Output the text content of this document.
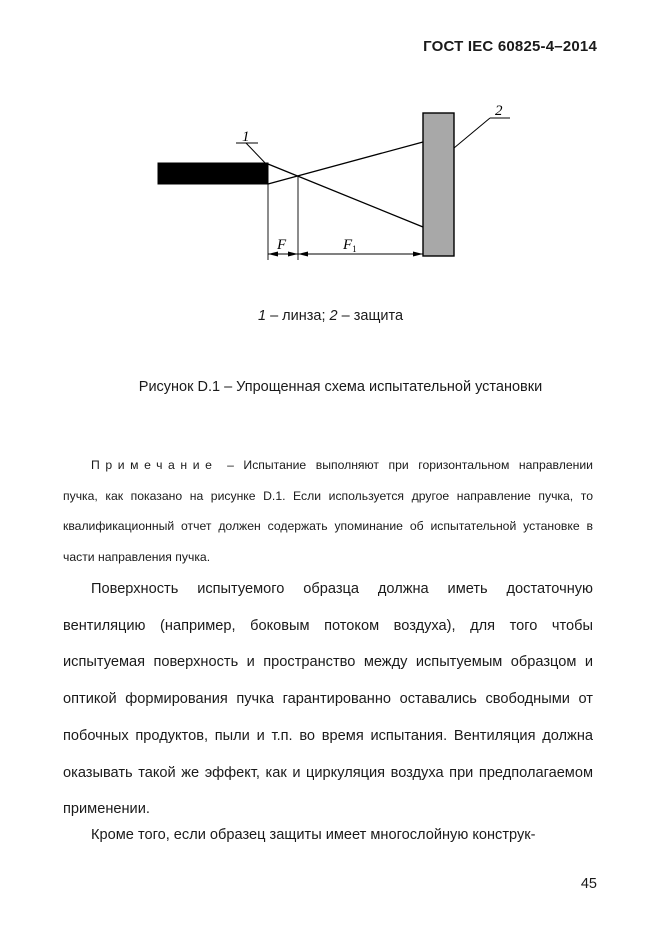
ГОСТ IEC 60825-4–2014
1
2
F	$F_1$
1 – линза; 2 – защита
Рисунок D.1 – Упрощенная схема испытательной установки
Примечание – Испытание выполняют при горизонтальном направлении пучка, как показано на рисунке D.1. Если используется другое направление пучка, то квалификационный отчет должен содержать упоминание об испытательной установке в части направления пучка.
Поверхность испытуемого образца должна иметь достаточную вентиляцию (например, боковым потоком воздуха), для того чтобы испытуемая поверхность и пространство между испытуемым образцом и оптикой формирования пучка гарантированно оставались свободными от побочных продуктов, пыли и т.п. во время испытания. Вентиляция должна оказывать такой же эффект, как и циркуляция воздуха при предполагаемом применении.
Кроме того, если образец защиты имеет многослойную конструк-
45
